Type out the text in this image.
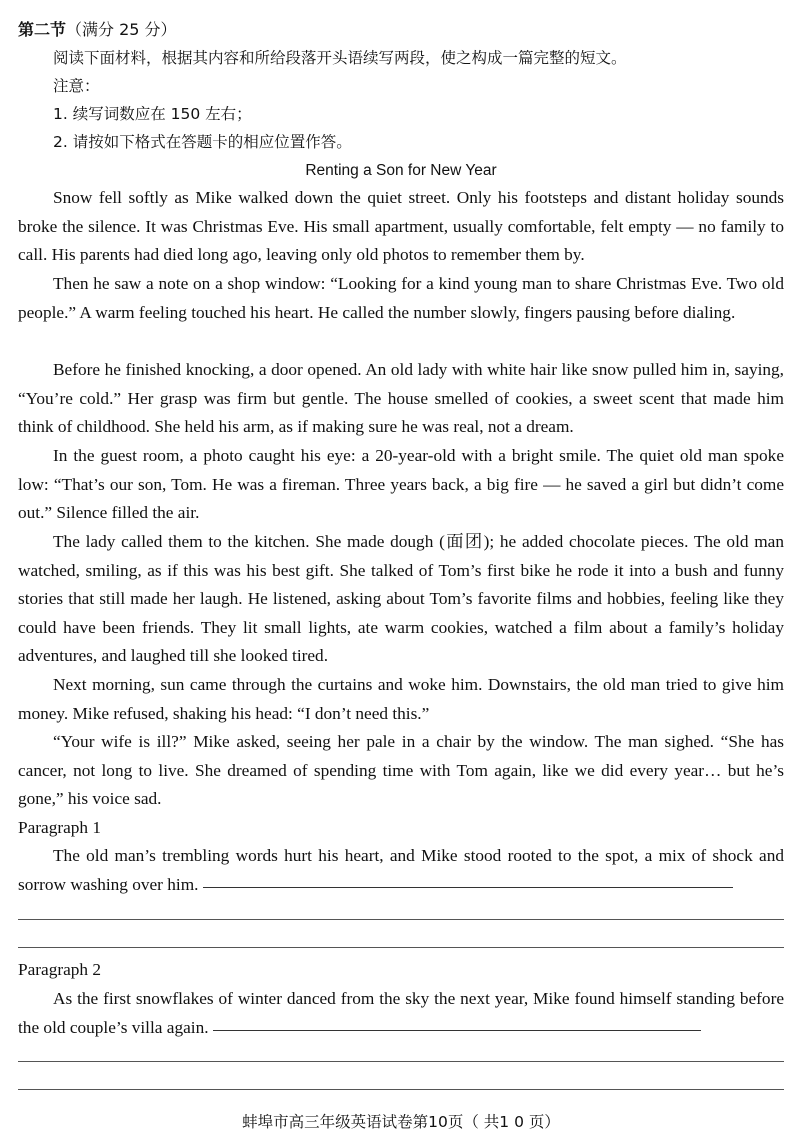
第二节（满分 25 分）
阅读下面材料，根据其内容和所给段落开头语续写两段，使之构成一篇完整的短文。
注意：
1. 续写词数应在 150 左右；
2. 请按如下格式在答题卡的相应位置作答。
Renting a Son for New Year

Snow fell softly as Mike walked down the quiet street. Only his footsteps and distant holiday sounds broke the silence. It was Christmas Eve. His small apartment, usually comfortable, felt empty — no family to call. His parents had died long ago, leaving only old photos to remember them by.

Then he saw a note on a shop window: “Looking for a kind young man to share Christmas Eve. Two old people.” A warm feeling touched his heart. He called the number slowly, fingers pausing before dialing.

Before he finished knocking, a door opened. An old lady with white hair like snow pulled him in, saying, “You’re cold.” Her grasp was firm but gentle. The house smelled of cookies, a sweet scent that made him think of childhood. She held his arm, as if making sure he was real, not a dream.

In the guest room, a photo caught his eye: a 20-year-old with a bright smile. The quiet old man spoke low: “That’s our son, Tom. He was a fireman. Three years back, a big fire — he saved a girl but didn’t come out.” Silence filled the air.

The lady called them to the kitchen. She made dough (面团); he added chocolate pieces. The old man watched, smiling, as if this was his best gift. She talked of Tom’s first bike he rode it into a bush and funny stories that still made her laugh. He listened, asking about Tom’s favorite films and hobbies, feeling like they could have been friends. They lit small lights, ate warm cookies, watched a film about a family’s holiday adventures, and laughed till she looked tired.

Next morning, sun came through the curtains and woke him. Downstairs, the old man tried to give him money. Mike refused, shaking his head: “I don’t need this.”

“Your wife is ill?” Mike asked, seeing her pale in a chair by the window. The man sighed. “She has cancer, not long to live. She dreamed of spending time with Tom again, like we did every year… but he’s gone,” his voice sad.

Paragraph 1

The old man’s trembling words hurt his heart, and Mike stood rooted to the spot, a mix of shock and sorrow washing over him.

Paragraph 2

As the first snowflakes of winter danced from the sky the next year, Mike found himself standing before the old couple’s villa again.

蚌埠市高三年级英语试卷第10页（ 共1 0 页）
